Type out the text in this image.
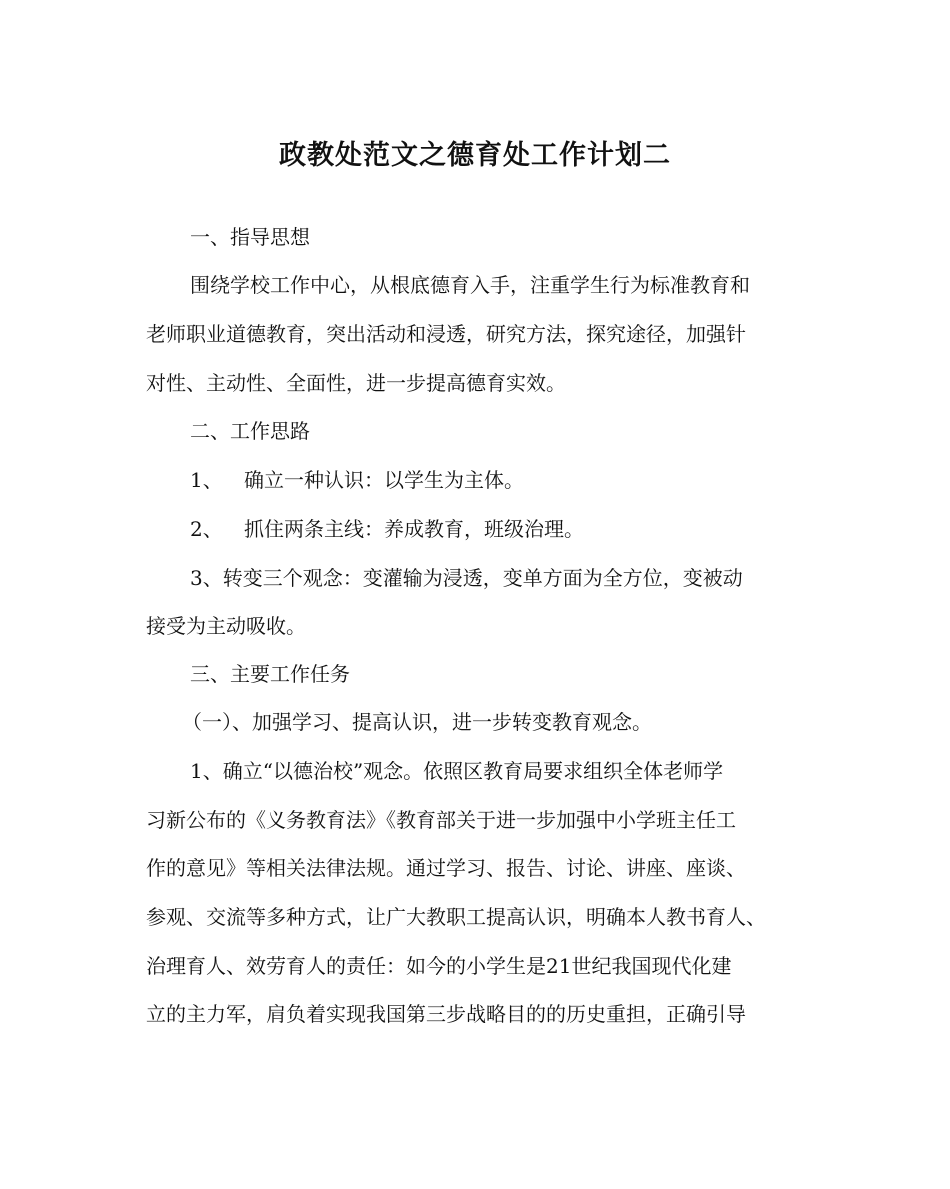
政教处范文之德育处工作计划二
一、指导思想
围绕学校工作中心，从根底德育入手，注重学生行为标准教育和
老师职业道德教育，突出活动和浸透，研究方法，探究途径，加强针
对性、主动性、全面性，进一步提高德育实效。
二、工作思路
1、 确立一种认识：以学生为主体。
2、 抓住两条主线：养成教育，班级治理。
3、转变三个观念：变灌输为浸透，变单方面为全方位，变被动
接受为主动吸收。
三、主要工作任务
（一）、加强学习、提高认识，进一步转变教育观念。
1、确立“以德治校”观念。依照区教育局要求组织全体老师学
习新公布的《义务教育法》《教育部关于进一步加强中小学班主任工
作的意见》等相关法律法规。通过学习、报告、讨论、讲座、座谈、
参观、交流等多种方式，让广大教职工提高认识，明确本人教书育人、
治理育人、效劳育人的责任：如今的小学生是21世纪我国现代化建
立的主力军，肩负着实现我国第三步战略目的的历史重担，正确引导
